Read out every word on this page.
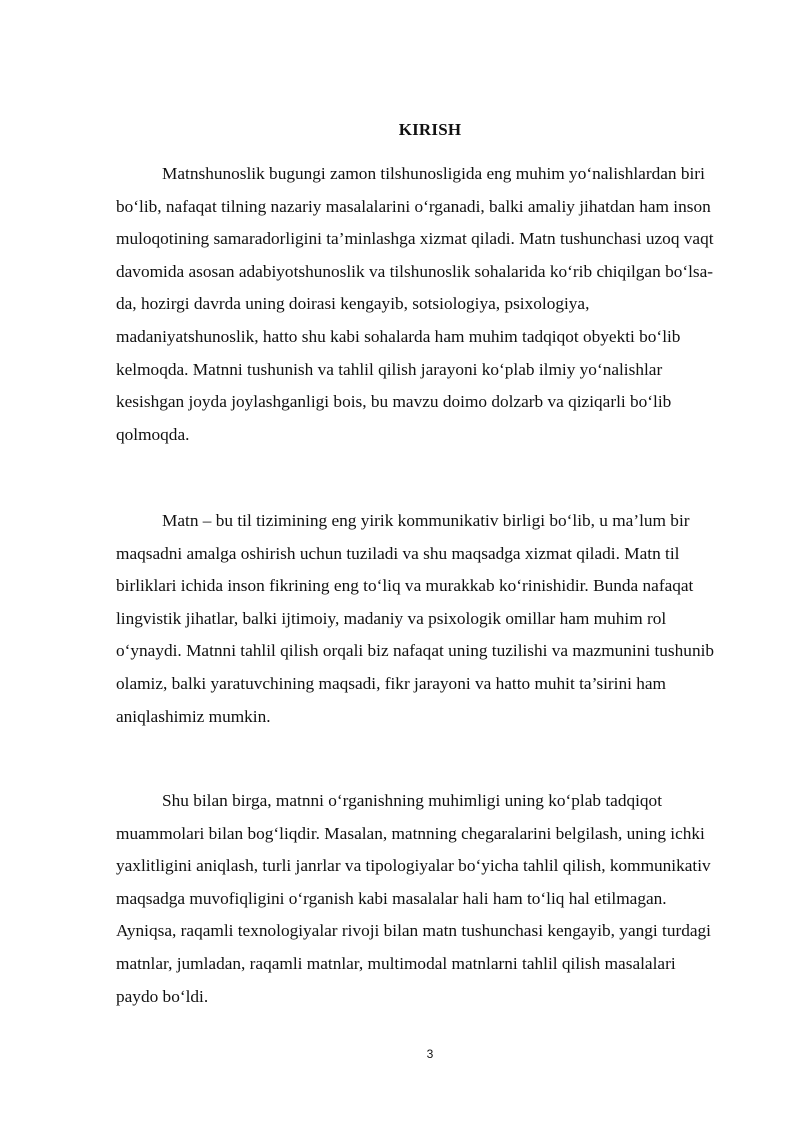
KIRISH

Matnshunoslik bugungi zamon tilshunosligida eng muhim yo‘nalishlardan biri bo‘lib, nafaqat tilning nazariy masalalarini o‘rganadi, balki amaliy jihatdan ham inson muloqotining samaradorligini ta’minlashga xizmat qiladi. Matn tushunchasi uzoq vaqt davomida asosan adabiyotshunoslik va tilshunoslik sohalarida ko‘rib chiqilgan bo‘lsa-da, hozirgi davrda uning doirasi kengayib, sotsiologiya, psixologiya, madaniyatshunoslik, hatto shu kabi sohalarda ham muhim tadqiqot obyekti bo‘lib kelmoqda. Matnni tushunish va tahlil qilish jarayoni ko‘plab ilmiy yo‘nalishlar kesishgan joyda joylashganligi bois, bu mavzu doimo dolzarb va qiziqarli bo‘lib qolmoqda.

Matn – bu til tizimining eng yirik kommunikativ birligi bo‘lib, u ma’lum bir maqsadni amalga oshirish uchun tuziladi va shu maqsadga xizmat qiladi. Matn til birliklari ichida inson fikrining eng to‘liq va murakkab ko‘rinishidir. Bunda nafaqat lingvistik jihatlar, balki ijtimoiy, madaniy va psixologik omillar ham muhim rol o‘ynaydi. Matnni tahlil qilish orqali biz nafaqat uning tuzilishi va mazmunini tushunib olamiz, balki yaratuvchining maqsadi, fikr jarayoni va hatto muhit ta’sirini ham aniqlashimiz mumkin.

Shu bilan birga, matnni o‘rganishning muhimligi uning ko‘plab tadqiqot muammolari bilan bog‘liqdir. Masalan, matnning chegaralarini belgilash, uning ichki yaxlitligini aniqlash, turli janrlar va tipologiyalar bo‘yicha tahlil qilish, kommunikativ maqsadga muvofiqligini o‘rganish kabi masalalar hali ham to‘liq hal etilmagan. Ayniqsa, raqamli texnologiyalar rivoji bilan matn tushunchasi kengayib, yangi turdagi matnlar, jumladan, raqamli matnlar, multimodal matnlarni tahlil qilish masalalari paydo bo‘ldi.

3
